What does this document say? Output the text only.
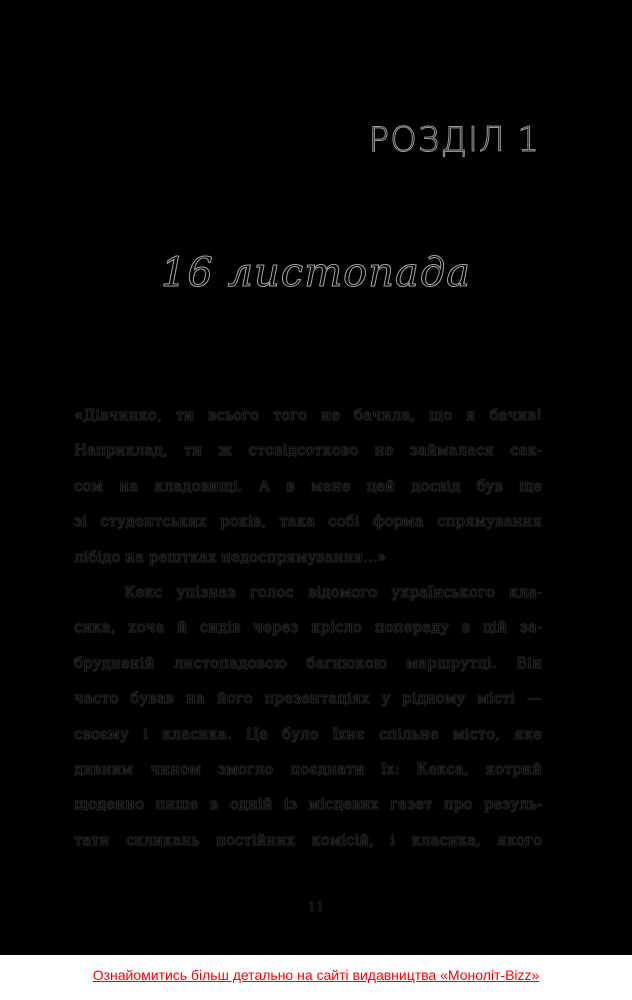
РОЗДІЛ 1
16 листопада
«Дівчинко, ти всього того не бачила, що я бачив!
Наприклад, ти ж стовідсотково не займалася сек-
сом на кладовищі. А в мене цей досвід був ще
зі студентських років, така собі форма спрямування
лібідо на рештках недоспрямування...»
Кекс упізнав голос відомого українського кла-
сика, хоча й сидів через крісло попереду в цій за-
брудненій листопадовою багнюкою маршрутці. Він
часто бував на його презентаціях у рідному місті —
своєму і класика. Це було їхнє спільне місто, яке
дивним чином змогло поєднати їх: Кекса, котрий
щоденно пише в одній із місцевих газет про резуль-
тати скликань постійних комісій, і класика, якого
11
Ознайомитись більш детально на сайті видавництва «Моноліт-Bizz»
